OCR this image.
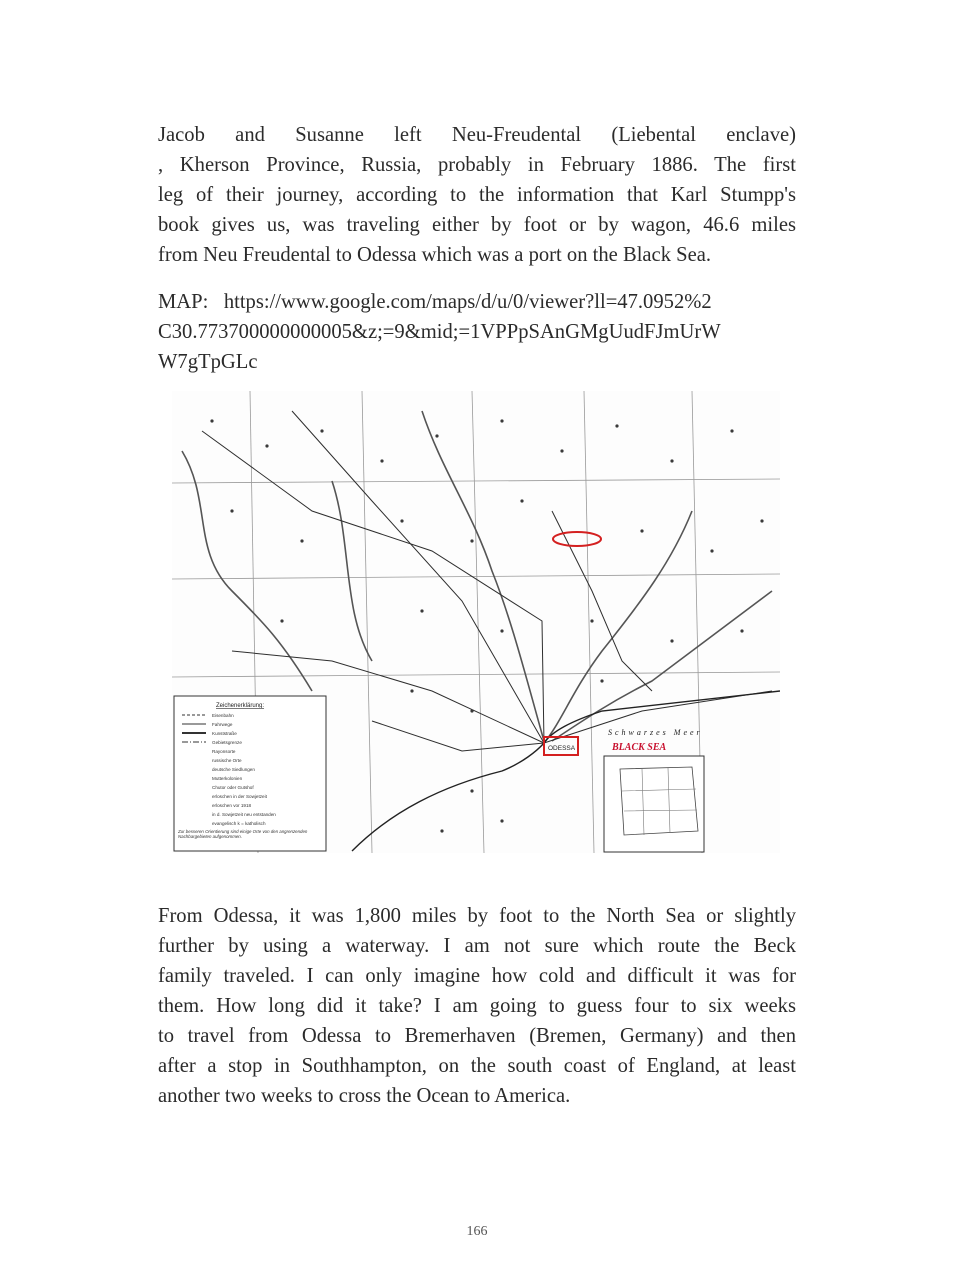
Jacob and Susanne left Neu-Freudental (Liebental enclave)
, Kherson Province, Russia, probably in February 1886. The first
leg of their journey, according to the information that Karl Stumpp's
book gives us, was traveling either by foot or by wagon, 46.6 miles
from Neu Freudental to Odessa which was a port on the Black Sea.

MAP: https://www.google.com/maps/d/u/0/viewer?ll=47.0952%2
C30.773700000000005&z;=9&mid;=1VPPpSAnGMgUudFJmUrW
W7gTpGLc

ODESSA
Schwarzes Meer
BLACK SEA
Zeichenerklärung:
Eisenbahn
Fahrwege
Kunststraße
Gebietsgrenze
Rayonsorte
russische Orte
deutsche Siedlungen
Mutterkolonien
Chutor oder Gutshof
erloschen in der Sowjetzeit
erloschen vor 1918
in d. Sowjetzeit neu entstanden
evangelisch k = katholisch
Zur besseren Orientierung sind einige Orte von den angrenzenden Nachbargebieten aufgenommen.

From Odessa, it was 1,800 miles by foot to the North Sea or slightly
further by using a waterway. I am not sure which route the Beck
family traveled. I can only imagine how cold and difficult it was for
them. How long did it take? I am going to guess four to six weeks
to travel from Odessa to Bremerhaven (Bremen, Germany) and then
after a stop in Southhampton, on the south coast of England, at least
another two weeks to cross the Ocean to America.

166
